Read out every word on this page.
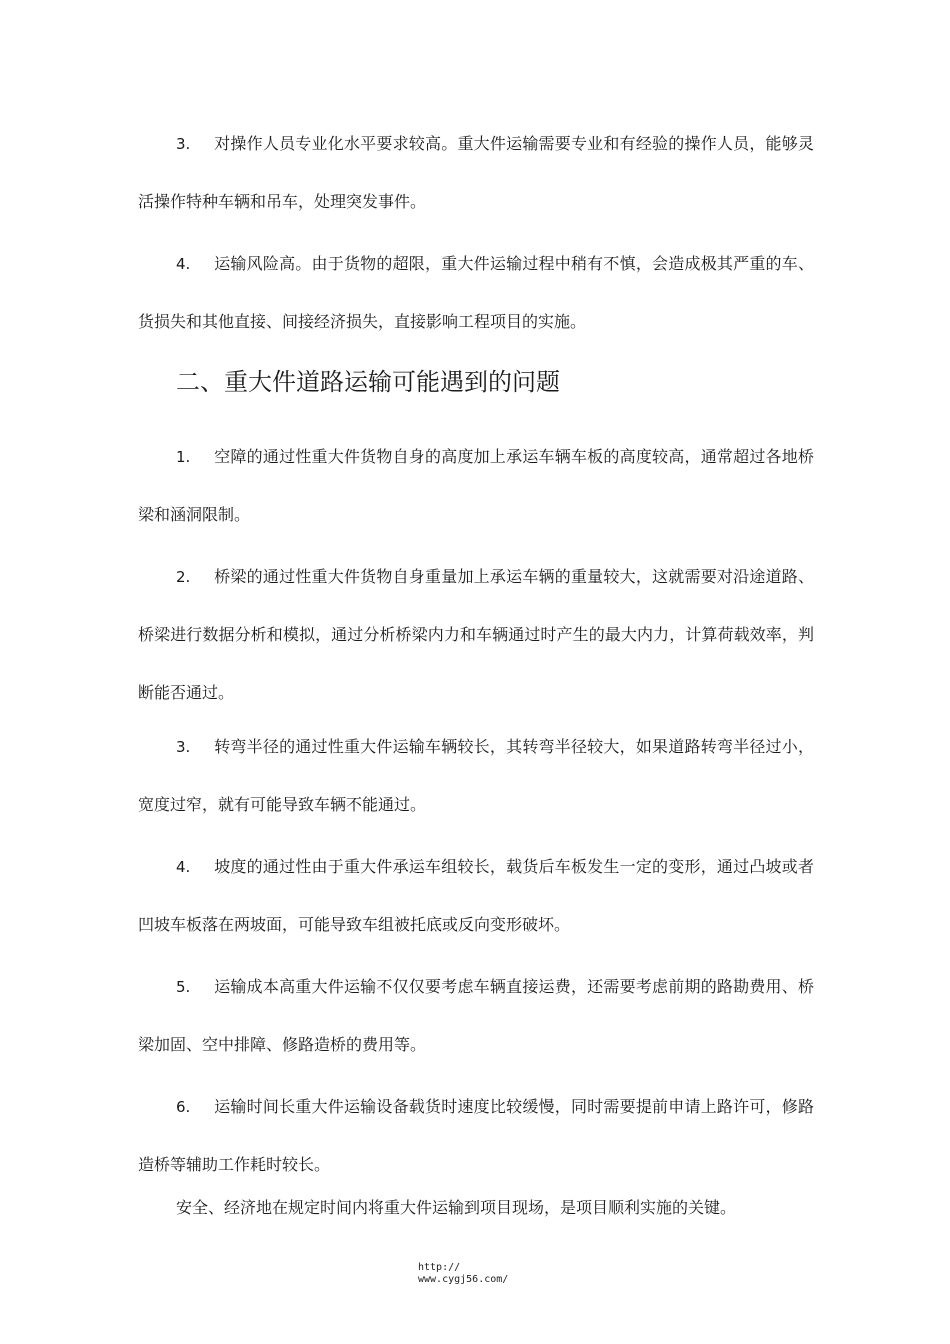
3. 对操作人员专业化水平要求较高。重大件运输需要专业和有经验的操作人员，能够灵活操作特种车辆和吊车，处理突发事件。

4. 运输风险高。由于货物的超限，重大件运输过程中稍有不慎，会造成极其严重的车、货损失和其他直接、间接经济损失，直接影响工程项目的实施。

二、重大件道路运输可能遇到的问题

1. 空障的通过性重大件货物自身的高度加上承运车辆车板的高度较高，通常超过各地桥梁和涵洞限制。

2. 桥梁的通过性重大件货物自身重量加上承运车辆的重量较大，这就需要对沿途道路、桥梁进行数据分析和模拟，通过分析桥梁内力和车辆通过时产生的最大内力，计算荷载效率，判断能否通过。

3. 转弯半径的通过性重大件运输车辆较长，其转弯半径较大，如果道路转弯半径过小，宽度过窄，就有可能导致车辆不能通过。

4. 坡度的通过性由于重大件承运车组较长，载货后车板发生一定的变形，通过凸坡或者凹坡车板落在两坡面，可能导致车组被托底或反向变形破坏。

5. 运输成本高重大件运输不仅仅要考虑车辆直接运费，还需要考虑前期的路勘费用、桥梁加固、空中排障、修路造桥的费用等。

6. 运输时间长重大件运输设备载货时速度比较缓慢，同时需要提前申请上路许可，修路造桥等辅助工作耗时较长。

安全、经济地在规定时间内将重大件运输到项目现场，是项目顺利实施的关键。

http://
www.cygj56.com/
